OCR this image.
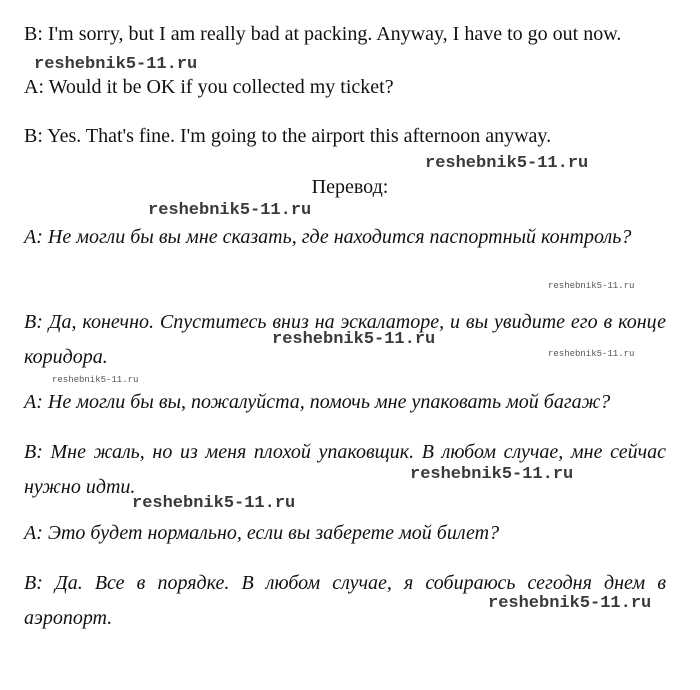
B: I'm sorry, but I am really bad at packing. Anyway, I have to go out now.

A: Would it be OK if you collected my ticket?

B: Yes. That's fine. I'm going to the airport this afternoon anyway.

Перевод:

А: Не могли бы вы мне сказать, где находится паспортный контроль?

В: Да, конечно. Спуститесь вниз на эскалаторе, и вы увидите его в конце коридора.

А: Не могли бы вы, пожалуйста, помочь мне упаковать мой багаж?

В: Мне жаль, но из меня плохой упаковщик. В любом случае, мне сейчас нужно идти.

А: Это будет нормально, если вы заберете мой билет?

В: Да. Все в порядке. В любом случае, я собираюсь сегодня днем в аэропорт.

reshebnik5-11.ru
reshebnik5-11.ru
reshebnik5-11.ru
reshebnik5-11.ru
reshebnik5-11.ru
reshebnik5-11.ru
reshebnik5-11.ru
reshebnik5-11.ru
reshebnik5-11.ru
reshebnik5-11.ru
